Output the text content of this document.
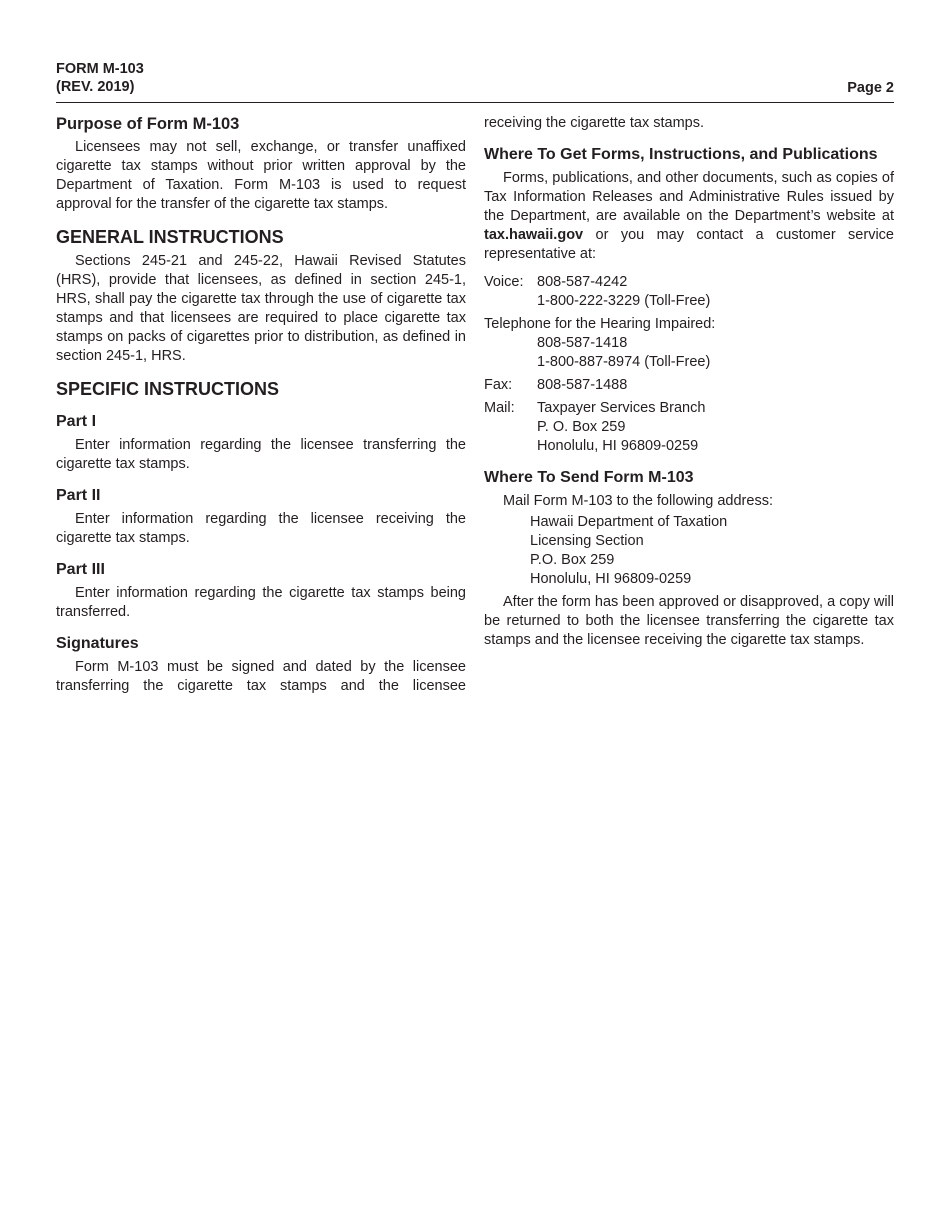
FORM M-103
(REV. 2019)	Page 2
Purpose of Form M-103

Licensees may not sell, exchange, or transfer unaffixed cigarette tax stamps without prior written approval by the Department of Taxation. Form M-103 is used to request approval for the transfer of the cigarette tax stamps.

GENERAL INSTRUCTIONS

Sections 245-21 and 245-22, Hawaii Revised Statutes (HRS), provide that licensees, as defined in section 245-1, HRS, shall pay the cigarette tax through the use of cigarette tax stamps and that licensees are required to place cigarette tax stamps on packs of cigarettes prior to distribution, as defined in section 245-1, HRS.

SPECIFIC INSTRUCTIONS
Part I

Enter information regarding the licensee transferring the cigarette tax stamps.

Part II

Enter information regarding the licensee receiving the cigarette tax stamps.

Part III

Enter information regarding the cigarette tax stamps being transferred.

Signatures

Form M-103 must be signed and dated by the licensee transferring the cigarette tax stamps and the licensee

receiving the cigarette tax stamps.

Where To Get Forms, Instructions, and Publications

Forms, publications, and other documents, such as copies of Tax Information Releases and Administrative Rules issued by the Department, are available on the Department’s website at tax.hawaii.gov or you may contact a customer service representative at:

Voice: 808-587-4242
1-800-222-3229 (Toll-Free)
Telephone for the Hearing Impaired:
808-587-1418
1-800-887-8974 (Toll-Free)
Fax:	808-587-1488
Mail:	Taxpayer Services Branch
P. O. Box 259
Honolulu, HI 96809-0259
Where To Send Form M-103

Mail Form M-103 to the following address:

Hawaii Department of Taxation
Licensing Section
P.O. Box 259
Honolulu, HI 96809-0259

After the form has been approved or disapproved, a copy will be returned to both the licensee transferring the cigarette tax stamps and the licensee receiving the cigarette tax stamps.
